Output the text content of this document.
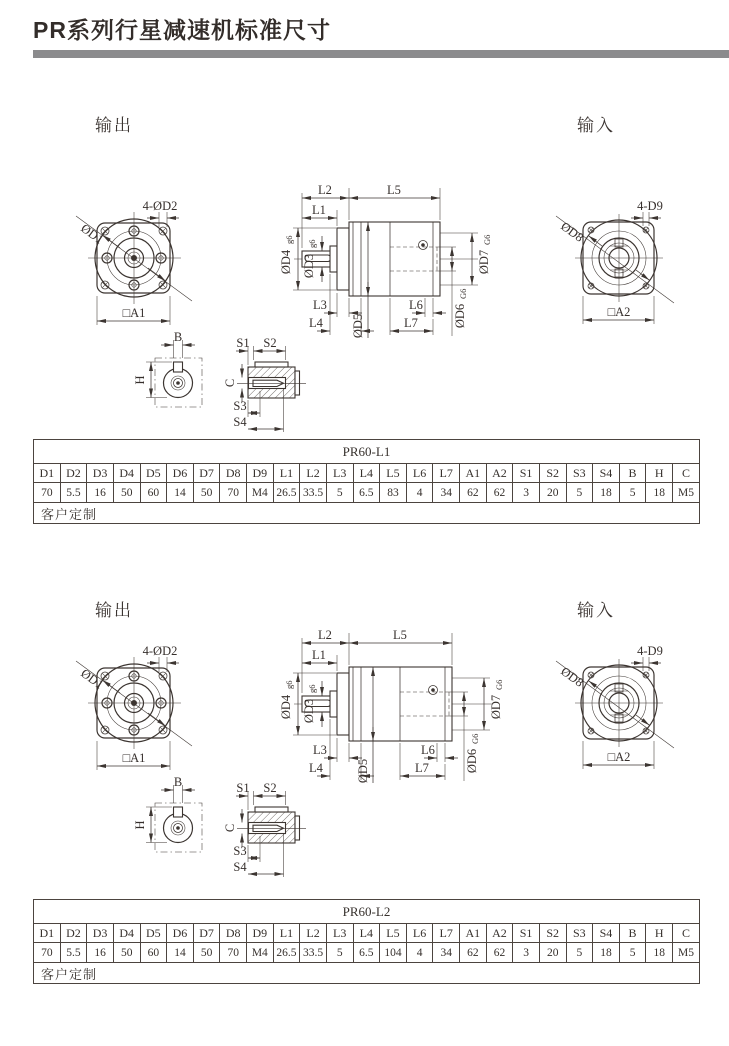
PR系列行星减速机标准尺寸
输出	输入
ØD1
4-ØD2
□A1
L2	L5
L1
ØD4
g6
ØD3
g6
L3
L4 ØD5
L6
L7	ØD6
G6
ØD7
G6	ØD8
4-D9
□A2
B
H
S1 S2
C
S3
S4
PR60-L1																								
D1	D2	D3	D4	D5	D6	D7	D8	D9	L1	L2	L3	L4	L5	L6	L7	A1	A2	S1	S2	S3	S4	B	H	C
70	5.5	16	50	60	14	50	70	M4	26.5	33.5	5	6.5	83	4	34	62	62	3	20	5	18	5	18	M5
客户定制																								
输出	输入
ØD1
4-ØD2
□A1
L2	L5
L1
ØD4
g6
ØD3
g6
L3
L4	ØD5
L6
L7	ØD6
G6
ØD7
G6	ØD8
4-D9
□A2
B
H
S1 S2
C
S3
S4
PR60-L2																								
D1	D2	D3	D4	D5	D6	D7	D8	D9	L1	L2	L3	L4	L5	L6	L7	A1	A2	S1	S2	S3	S4	B	H	C
70	5.5	16	50	60	14	50	70	M4	26.5	33.5	5	6.5	104	4	34	62	62	3	20	5	18	5	18	M5
客户定制																								
